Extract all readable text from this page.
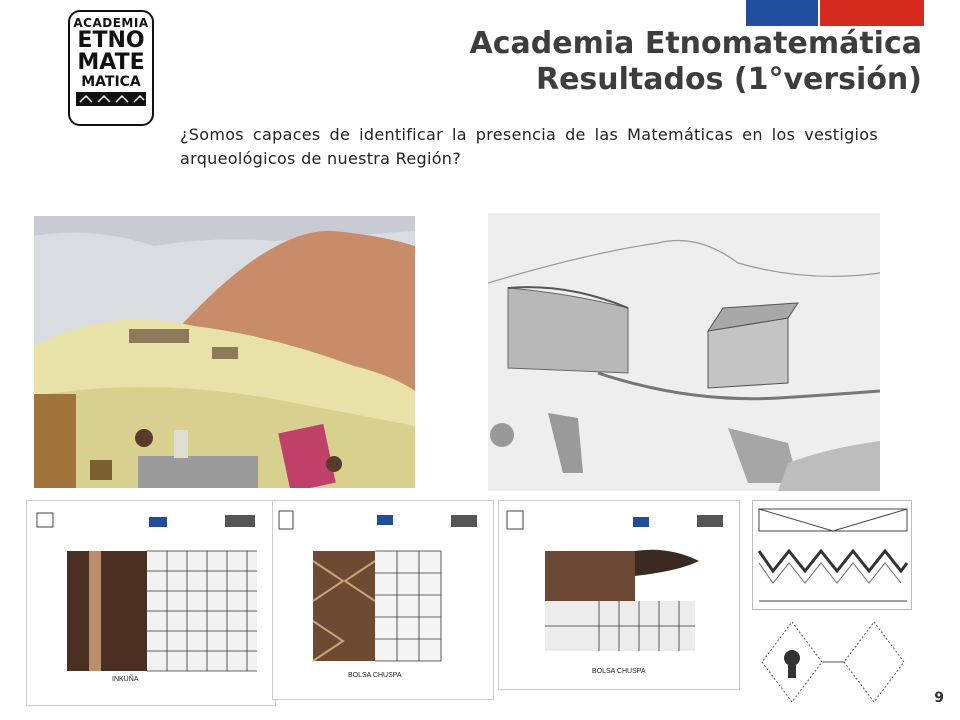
ACADEMIA
ETNO
MATE
MATICA
Academia Etnomatemática
Resultados (1°versión)
¿Somos capaces de identificar la presencia de las Matemáticas en los vestigios arqueológicos de nuestra Región?
INKUÑA
BOLSA CHUSPA
BOLSA CHUSPA
9
